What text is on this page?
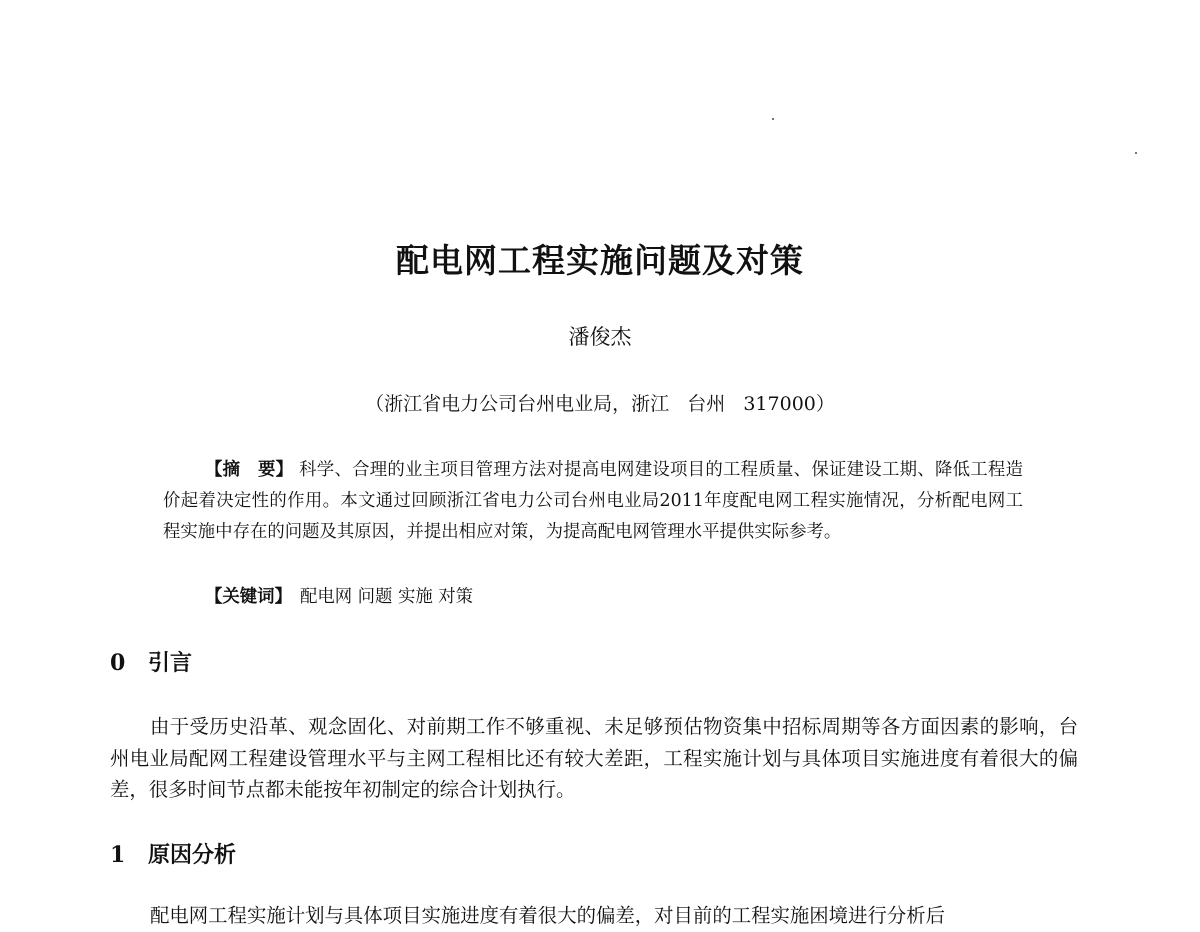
配电网工程实施问题及对策
潘俊杰
（浙江省电力公司台州电业局，浙江   台州   317000）
【摘　要】 科学、合理的业主项目管理方法对提高电网建设项目的工程质量、保证建设工期、降低工程造价起着决定性的作用。本文通过回顾浙江省电力公司台州电业局2011年度配电网工程实施情况，分析配电网工程实施中存在的问题及其原因，并提出相应对策，为提高配电网管理水平提供实际参考。
【关键词】 配电网 问题 实施 对策
0 引言
由于受历史沿革、观念固化、对前期工作不够重视、未足够预估物资集中招标周期等各方面因素的影响，台州电业局配网工程建设管理水平与主网工程相比还有较大差距，工程实施计划与具体项目实施进度有着很大的偏差，很多时间节点都未能按年初制定的综合计划执行。
1 原因分析
配电网工程实施计划与具体项目实施进度有着很大的偏差，对目前的工程实施困境进行分析后
